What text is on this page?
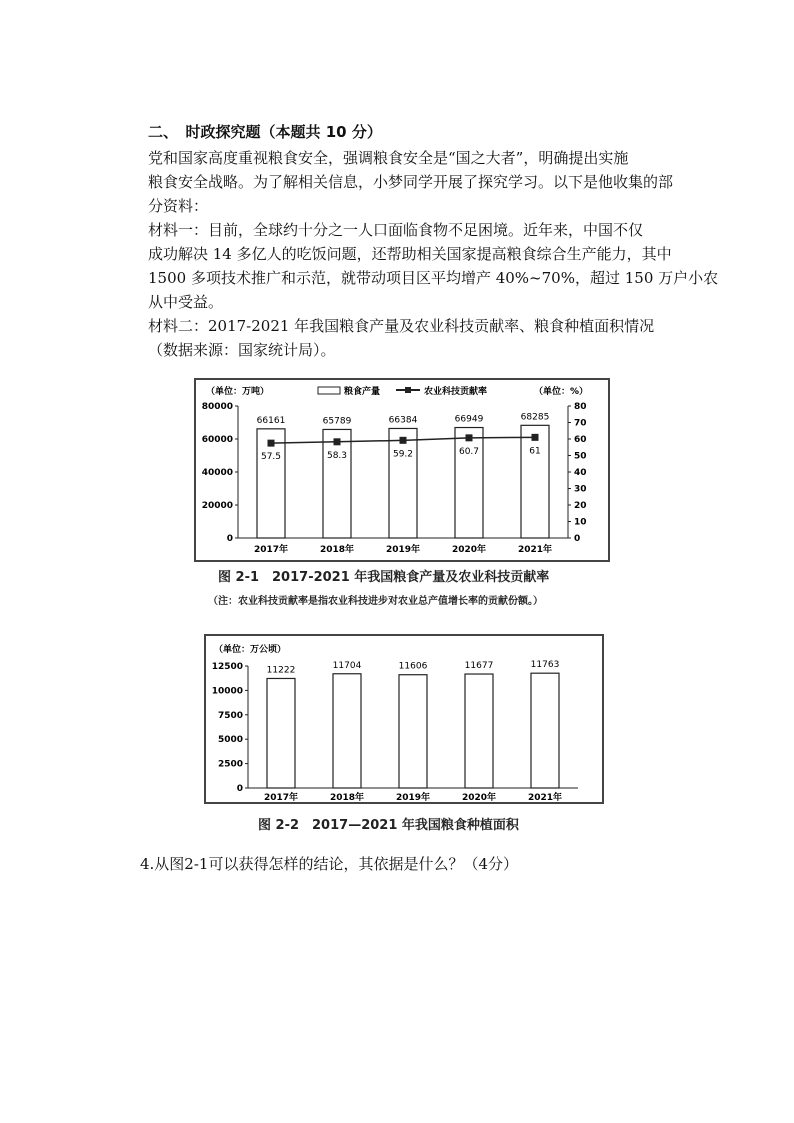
二、　时政探究题（本题共 10 分）
党和国家高度重视粮食安全，强调粮食安全是“国之大者”，明确提出实施
粮食安全战略。为了解相关信息，小梦同学开展了探究学习。以下是他收集的部
分资料：
材料一：目前，全球约十分之一人口面临食物不足困境。近年来，中国不仅
成功解决 14 多亿人的吃饭问题，还帮助相关国家提高粮食综合生产能力，其中
1500 多项技术推广和示范，就带动项目区平均增产 40%~70%，超过 150 万户小农
从中受益。
材料二：2017-2021 年我国粮食产量及农业科技贡献率、粮食种植面积情况
（数据来源：国家统计局）。
（单位：万吨）	（单位：%）
粮食产量	农业科技贡献率
0
20000
40000
60000
80000
0
10
20
30
40
50
60
70
80
66161
2017年
65789
2018年
66384
2019年
66949
2020年
68285
2021年
57.5	58.3	59.2	60.7	61
图 2-1　2017-2021 年我国粮食产量及农业科技贡献率
（注：农业科技贡献率是指农业科技进步对农业总产值增长率的贡献份额。）
（单位：万公顷）
0
2500
5000
7500
10000
12500	11222
2017年
11704
2018年
11606
2019年
11677
2020年
11763
2021年
图 2-2　2017—2021 年我国粮食种植面积
4.从图2-1可以获得怎样的结论，其依据是什么？（4分）
